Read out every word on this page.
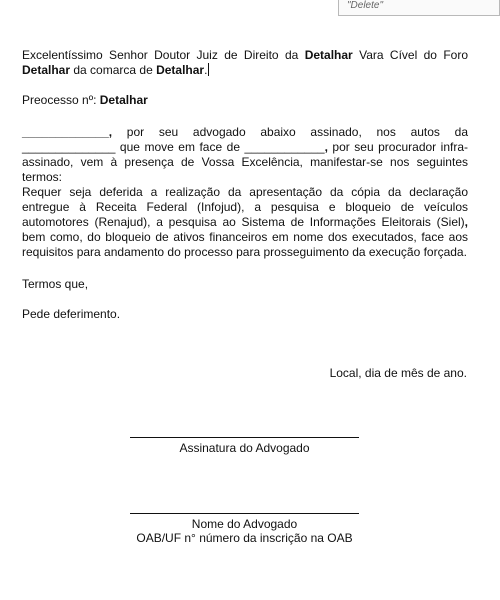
"Delete"

Excelentíssimo Senhor Doutor Juiz de Direito da Detalhar Vara Cível do Foro Detalhar da comarca de Detalhar.

Preocesso nº: Detalhar

_____________, por seu advogado abaixo assinado, nos autos da ______________ que move em face de ____________, por seu procurador infra-assinado, vem à presença de Vossa Excelência, manifestar-se nos seguintes termos:

Requer seja deferida a realização da apresentação da cópia da declaração entregue à Receita Federal (Infojud), a pesquisa e bloqueio de veículos automotores (Renajud), a pesquisa ao Sistema de Informações Eleitorais (Siel), bem como, do bloqueio de ativos financeiros em nome dos executados, face aos requisitos para andamento do processo para prosseguimento da execução forçada.

Termos que,

Pede deferimento.

Local, dia de mês de ano.

Assinatura do Advogado

Nome do Advogado

OAB/UF n° número da inscrição na OAB
